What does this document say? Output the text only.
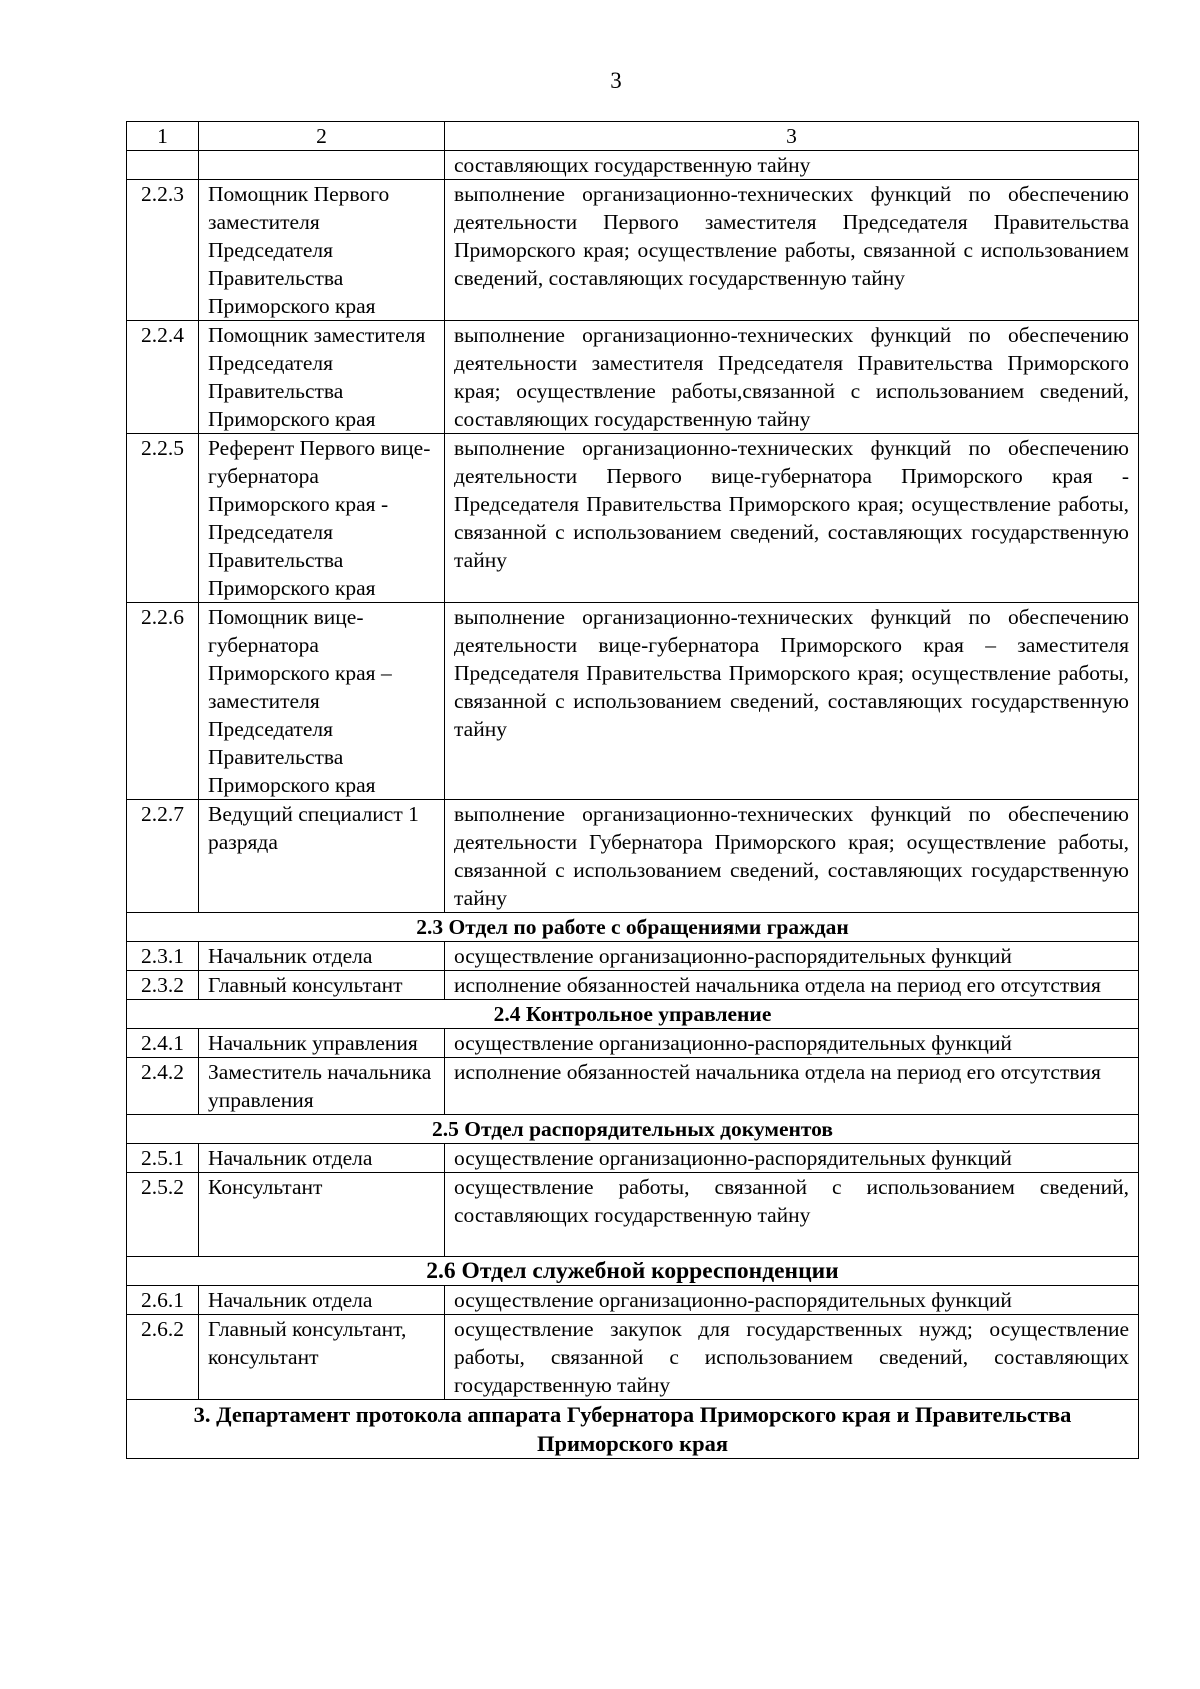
3
1	2	3
		составляющих государственную тайну
2.2.3	Помощник Первого заместителя Председателя Правительства Приморского края	выполнение организационно-технических функций по обеспечению деятельности Первого заместителя Председателя Правительства Приморского края; осуществление работы, связанной с использованием сведений, составляющих государственную тайну
2.2.4	Помощник заместителя Председателя Правительства Приморского края	выполнение организационно-технических функций по обеспечению деятельности заместителя Председателя Правительства Приморского края; осуществление работы,связанной с использованием сведений, составляющих государственную тайну
2.2.5	Референт Первого вице-губернатора Приморского края - Председателя Правительства Приморского края	выполнение организационно-технических функций по обеспечению деятельности Первого вице-губернатора Приморского края - Председателя Правительства Приморского края; осуществление работы, связанной с использованием сведений, составляющих государственную тайну
2.2.6	Помощник вице-губернатора Приморского края – заместителя Председателя Правительства Приморского края	выполнение организационно-технических функций по обеспечению деятельности вице-губернатора Приморского края – заместителя Председателя Правительства Приморского края; осуществление работы, связанной с использованием сведений, составляющих государственную тайну
2.2.7	Ведущий специалист 1 разряда	выполнение организационно-технических функций по обеспечению деятельности Губернатора Приморского края; осуществление работы, связанной с использованием сведений, составляющих государственную тайну
2.3 Отдел по работе с обращениями граждан		
2.3.1	Начальник отдела	осуществление организационно-распорядительных функций
2.3.2	Главный консультант	исполнение обязанностей начальника отдела на период его отсутствия
2.4 Контрольное управление		
2.4.1	Начальник управления	осуществление организационно-распорядительных функций
2.4.2	Заместитель начальника управления	исполнение обязанностей начальника отдела на период его отсутствия
2.5 Отдел распорядительных документов		
2.5.1	Начальник отдела	осуществление организационно-распорядительных функций
2.5.2	Консультант	осуществление работы, связанной с использованием сведений, составляющих государственную тайну
2.6 Отдел служебной корреспонденции		
2.6.1	Начальник отдела	осуществление организационно-распорядительных функций
2.6.2	Главный консультант, консультант	осуществление закупок для государственных нужд; осуществление работы, связанной с использованием сведений, составляющих государственную тайну
3. Департамент протокола аппарата Губернатора Приморского края и Правительства Приморского края		
